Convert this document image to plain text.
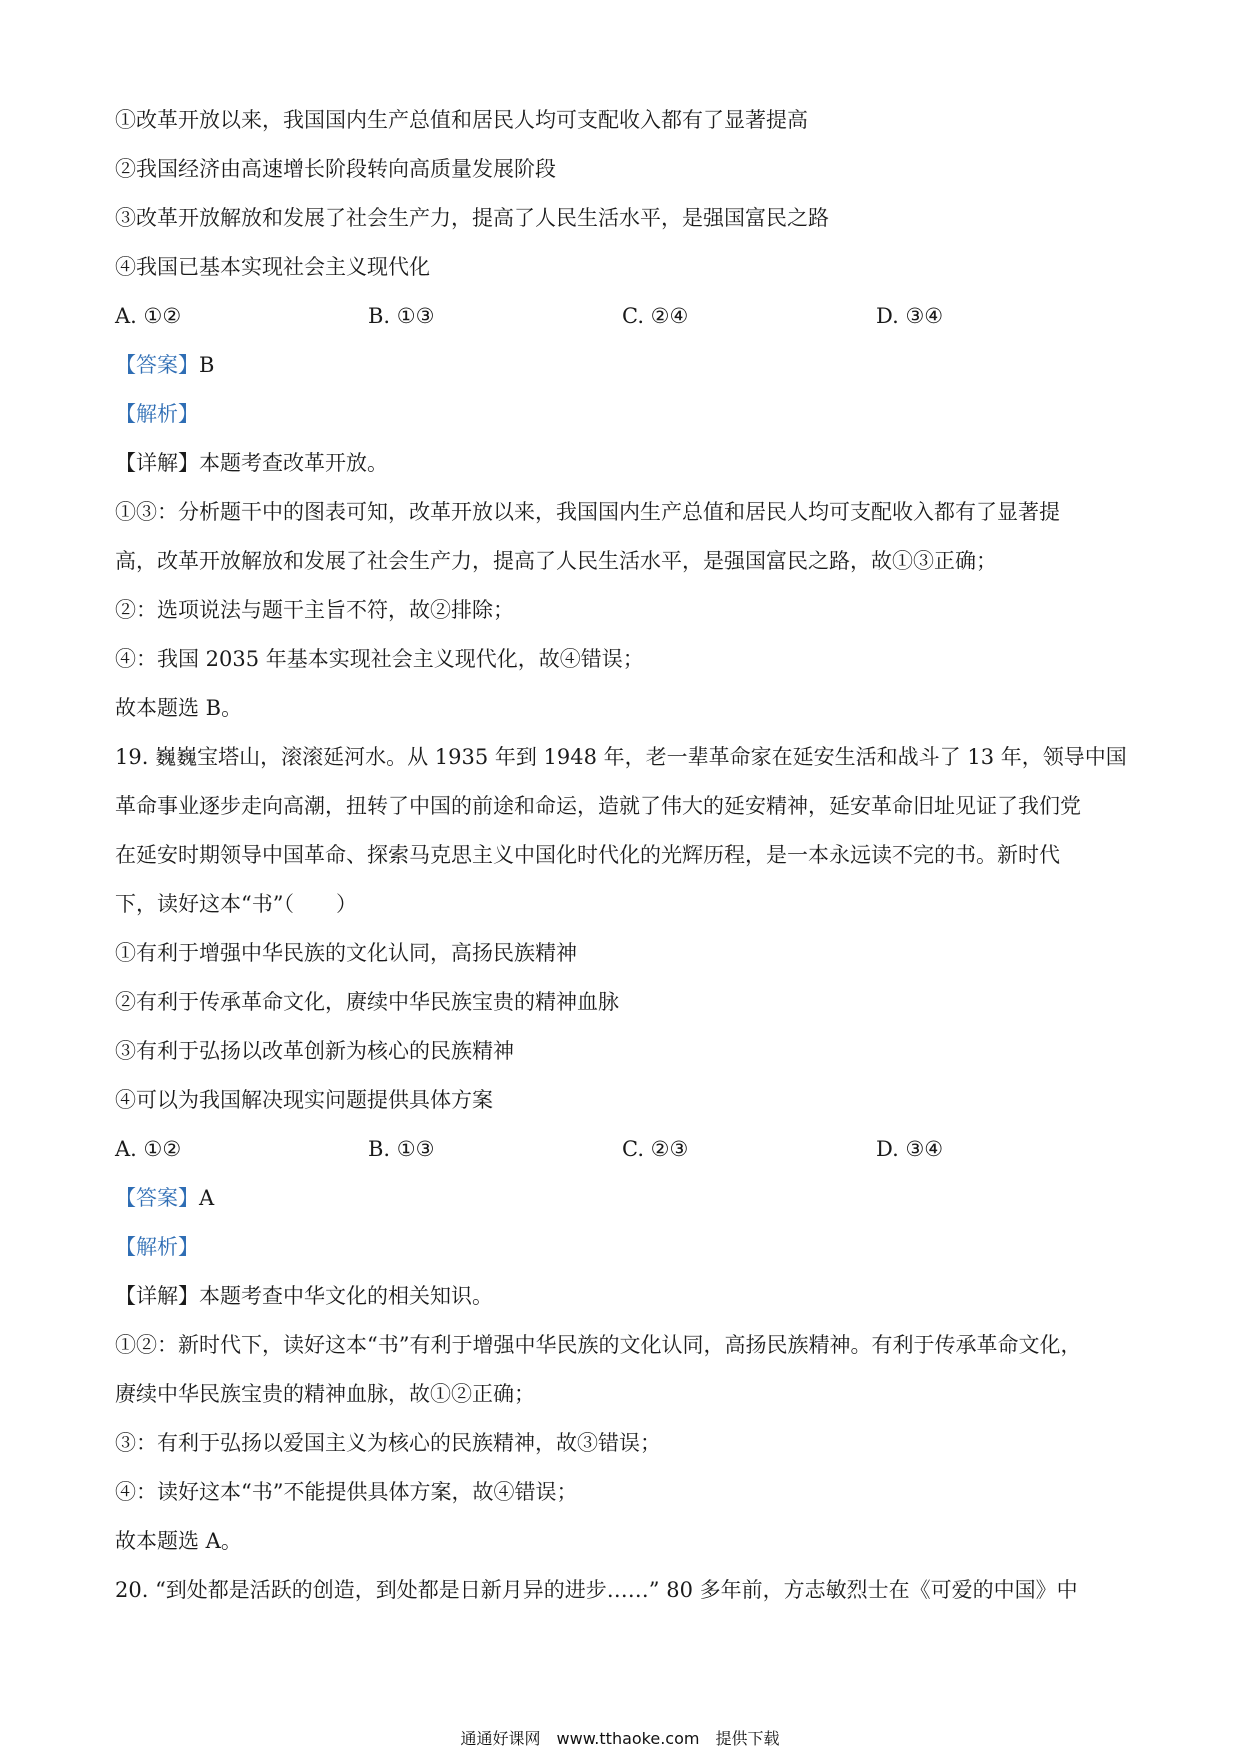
①改革开放以来，我国国内生产总值和居民人均可支配收入都有了显著提高
②我国经济由高速增长阶段转向高质量发展阶段
③改革开放解放和发展了社会生产力，提高了人民生活水平，是强国富民之路
④我国已基本实现社会主义现代化
A. ①②	B. ①③	C. ②④	D. ③④
【答案】B
【解析】
【详解】本题考查改革开放。
①③：分析题干中的图表可知，改革开放以来，我国国内生产总值和居民人均可支配收入都有了显著提
高，改革开放解放和发展了社会生产力，提高了人民生活水平，是强国富民之路，故①③正确；
②：选项说法与题干主旨不符，故②排除；
④：我国 2035 年基本实现社会主义现代化，故④错误；
故本题选 B。
19. 巍巍宝塔山，滚滚延河水。从 1935 年到 1948 年，老一辈革命家在延安生活和战斗了 13 年，领导中国
革命事业逐步走向高潮，扭转了中国的前途和命运，造就了伟大的延安精神，延安革命旧址见证了我们党
在延安时期领导中国革命、探索马克思主义中国化时代化的光辉历程，是一本永远读不完的书。新时代
下，读好这本“书”（　　）
①有利于增强中华民族的文化认同，高扬民族精神
②有利于传承革命文化，赓续中华民族宝贵的精神血脉
③有利于弘扬以改革创新为核心的民族精神
④可以为我国解决现实问题提供具体方案
A. ①②	B. ①③	C. ②③	D. ③④
【答案】A
【解析】
【详解】本题考查中华文化的相关知识。
①②：新时代下，读好这本“书”有利于增强中华民族的文化认同，高扬民族精神。有利于传承革命文化，
赓续中华民族宝贵的精神血脉，故①②正确；
③：有利于弘扬以爱国主义为核心的民族精神，故③错误；
④：读好这本“书”不能提供具体方案，故④错误；
故本题选 A。
20. “到处都是活跃的创造，到处都是日新月异的进步……” 80 多年前，方志敏烈士在《可爱的中国》中
通通好课网　www.tthaoke.com　提供下载
